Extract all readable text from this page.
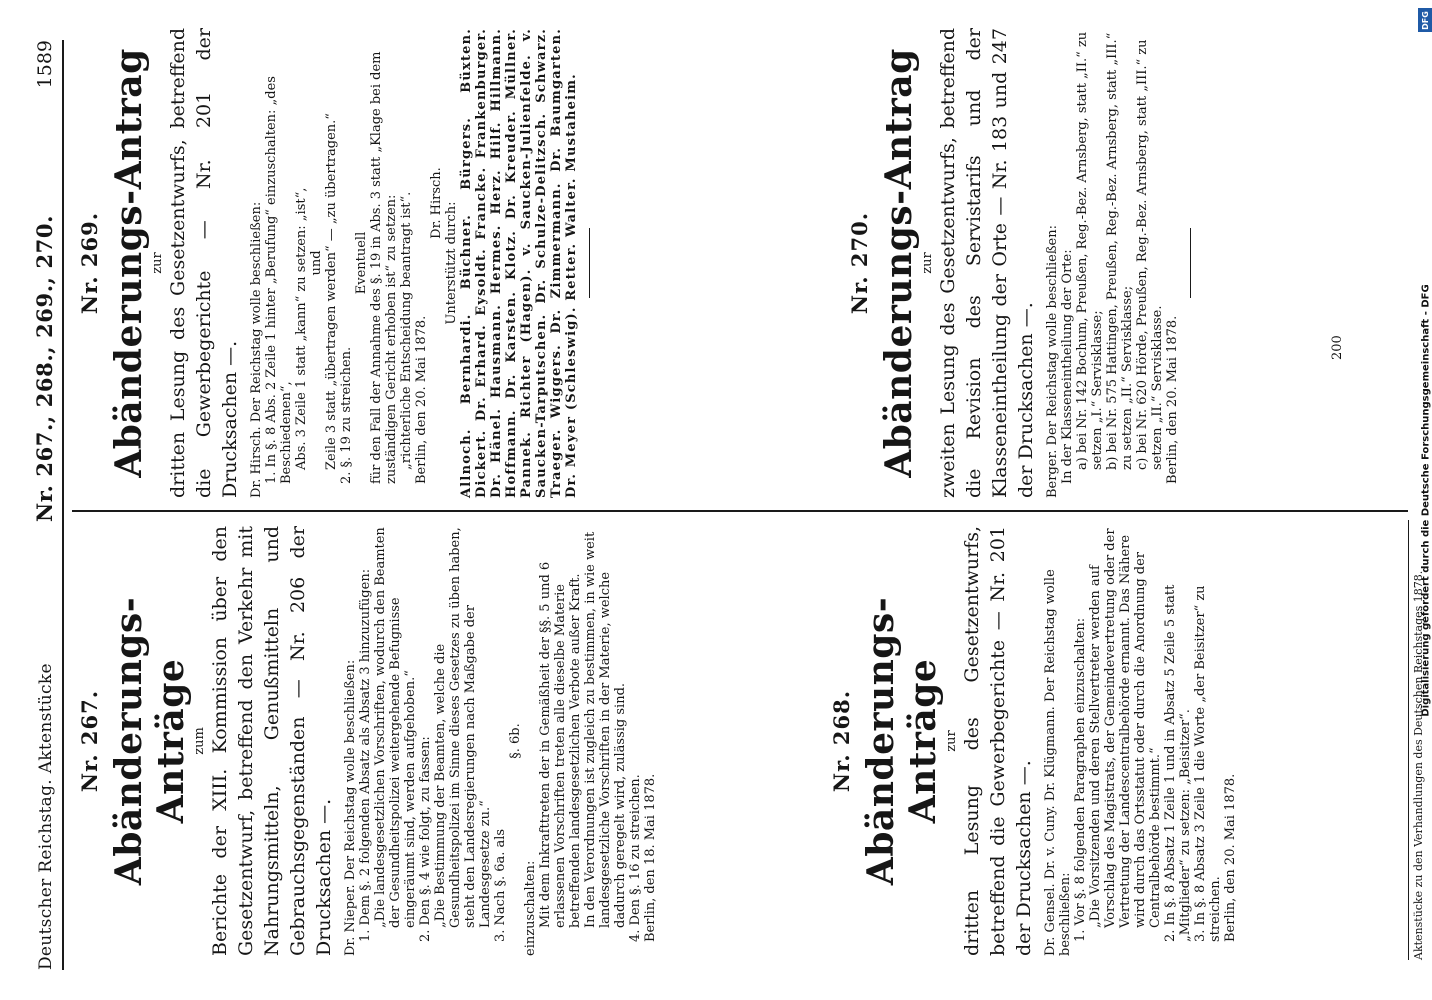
Deutscher Reichstag. Aktenstücke
Nr. 267., 268., 269., 270.
1589

Nr. 267. Abänderungs-Anträge zum Berichte der XIII. Kommission über den Gesetzentwurf, betreffend den Verkehr mit Nahrungsmitteln, Genußmitteln und Gebrauchsgegenständen — Nr. 206 der Drucksachen —. Dr. Nieper. Der Reichstag wolle beschließen: 1. Dem §. 2 folgenden Absatz als Absatz 3 hinzuzufügen: „Die landesgesetzlichen Vorschriften, wodurch den Beamten der Gesundheitspolizei weitergehende Befugnisse eingeräumt sind, werden aufgehoben.“ 2. Den §. 4 wie folgt, zu fassen: „Die Bestimmung der Beamten, welche die Gesundheitspolizei im Sinne dieses Gesetzes zu üben haben, steht den Landesregierungen nach Maßgabe der Landesgesetze zu.“ 3. Nach §. 6a. als

§. 6b.

einzuschalten: Mit dem Inkrafttreten der in Gemäßheit der §§. 5 und 6 erlassenen Vorschriften treten alle dieselbe Materie betreffenden landesgesetzlichen Verbote außer Kraft. In den Verordnungen ist zugleich zu bestimmen, in wie weit landesgesetzliche Vorschriften in der Materie, welche dadurch geregelt wird, zulässig sind. 4. Den §. 16 zu streichen. Berlin, den 18. Mai 1878.

Nr. 268. Abänderungs-Anträge zur dritten Lesung des Gesetzentwurfs, betreffend die Gewerbegerichte — Nr. 201 der Drucksachen —. Dr. Gensel. Dr. v. Cuny. Dr. Klügmann. Der Reichstag wolle beschließen: 1. Vor §. 8 folgenden Paragraphen einzuschalten: „Die Vorsitzenden und deren Stellvertreter werden auf Vorschlag des Magistrats, der Gemeindevertretung oder der Vertretung der Landescentralbehörde ernannt. Das Nähere wird durch das Ortsstatut oder durch die Anordnung der Centralbehörde bestimmt.“ 2. In §. 8 Absatz 1 Zeile 1 und in Absatz 5 Zeile 5 statt „Mitglieder“ zu setzen: „Beisitzer“. 3. In §. 8 Absatz 3 Zeile 1 die Worte „der Beisitzer“ zu streichen. Berlin, den 20. Mai 1878.

Nr. 269. Abänderungs-Antrag zur dritten Lesung des Gesetzentwurfs, betreffend die Gewerbegerichte — Nr. 201 der Drucksachen —. Dr. Hirsch. Der Reichstag wolle beschließen: 1. In §. 8 Abs. 2 Zeile 1 hinter „Berufung“ einzuschalten: „des Beschiedenen“, Abs. 3 Zeile 1 statt „kann“ zu setzen: „ist“, und Zeile 3 statt „übertragen werden“ — „zu übertragen.“ 2. §. 19 zu streichen.

Eventuell für den Fall der Annahme des §. 19 in Abs. 3 statt „Klage bei dem zuständigen Gericht erhoben ist“ zu setzen: „richterliche Entscheidung beantragt ist“. Berlin, den 20. Mai 1878.

Dr. Hirsch. Unterstützt durch: Allnoch. Bernhardi. Büchner. Bürgers. Büxten. Dickert. Dr. Erhard. Eysoldt. Francke. Frankenburger. Dr. Hänel. Hausmann. Hermes. Herz. Hilf. Hillmann. Hoffmann. Dr. Karsten. Klotz. Dr. Kreuder. Müllner. Pannek. Richter (Hagen). v. Saucken-Julienfelde. v. Saucken-Tarputschen. Dr. Schulze-Delitzsch. Schwarz. Traeger. Wiggers. Dr. Zimmermann. Dr. Baumgarten. Dr. Meyer (Schleswig). Retter. Walter. Mustaheim.	Nr. 270. Abänderungs-Antrag zur zweiten Lesung des Gesetzentwurfs, betreffend die Revision des Servistarifs und der Klasseneintheilung der Orte — Nr. 183 und 247 der Drucksachen —. Berger. Der Reichstag wolle beschließen: In der Klasseneintheilung der Orte: a) bei Nr. 142 Bochum, Preußen, Reg.-Bez. Arnsberg, statt „II.“ zu setzen „I.“ Servisklasse; b) bei Nr. 575 Hattingen, Preußen, Reg.-Bez. Arnsberg, statt „III.“ zu setzen „II.“ Servisklasse; c) bei Nr. 620 Hörde, Preußen, Reg.-Bez. Arnsberg, statt „III.“ zu setzen „II.“ Servisklasse. Berlin, den 20. Mai 1878.

Aktenstücke zu den Verhandlungen des Deutschen Reichstages 1878.
200
DFG
Digitalisierung gefördert durch die Deutsche Forschungsgemeinschaft - DFG
